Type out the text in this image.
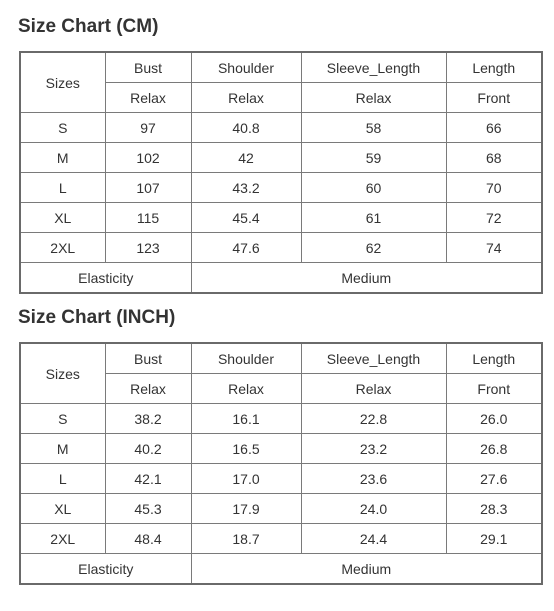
Size Chart (CM)
Sizes	Bust	Shoulder	Sleeve_Length	Length
	Relax	Relax	Relax	Front
S	97	40.8	58	66
M	102	42	59	68
L	107	43.2	60	70
XL	115	45.4	61	72
2XL	123	47.6	62	74
Elasticity		Medium		
Size Chart (INCH)
Sizes	Bust	Shoulder	Sleeve_Length	Length
	Relax	Relax	Relax	Front
S	38.2	16.1	22.8	26.0
M	40.2	16.5	23.2	26.8
L	42.1	17.0	23.6	27.6
XL	45.3	17.9	24.0	28.3
2XL	48.4	18.7	24.4	29.1
Elasticity		Medium		
